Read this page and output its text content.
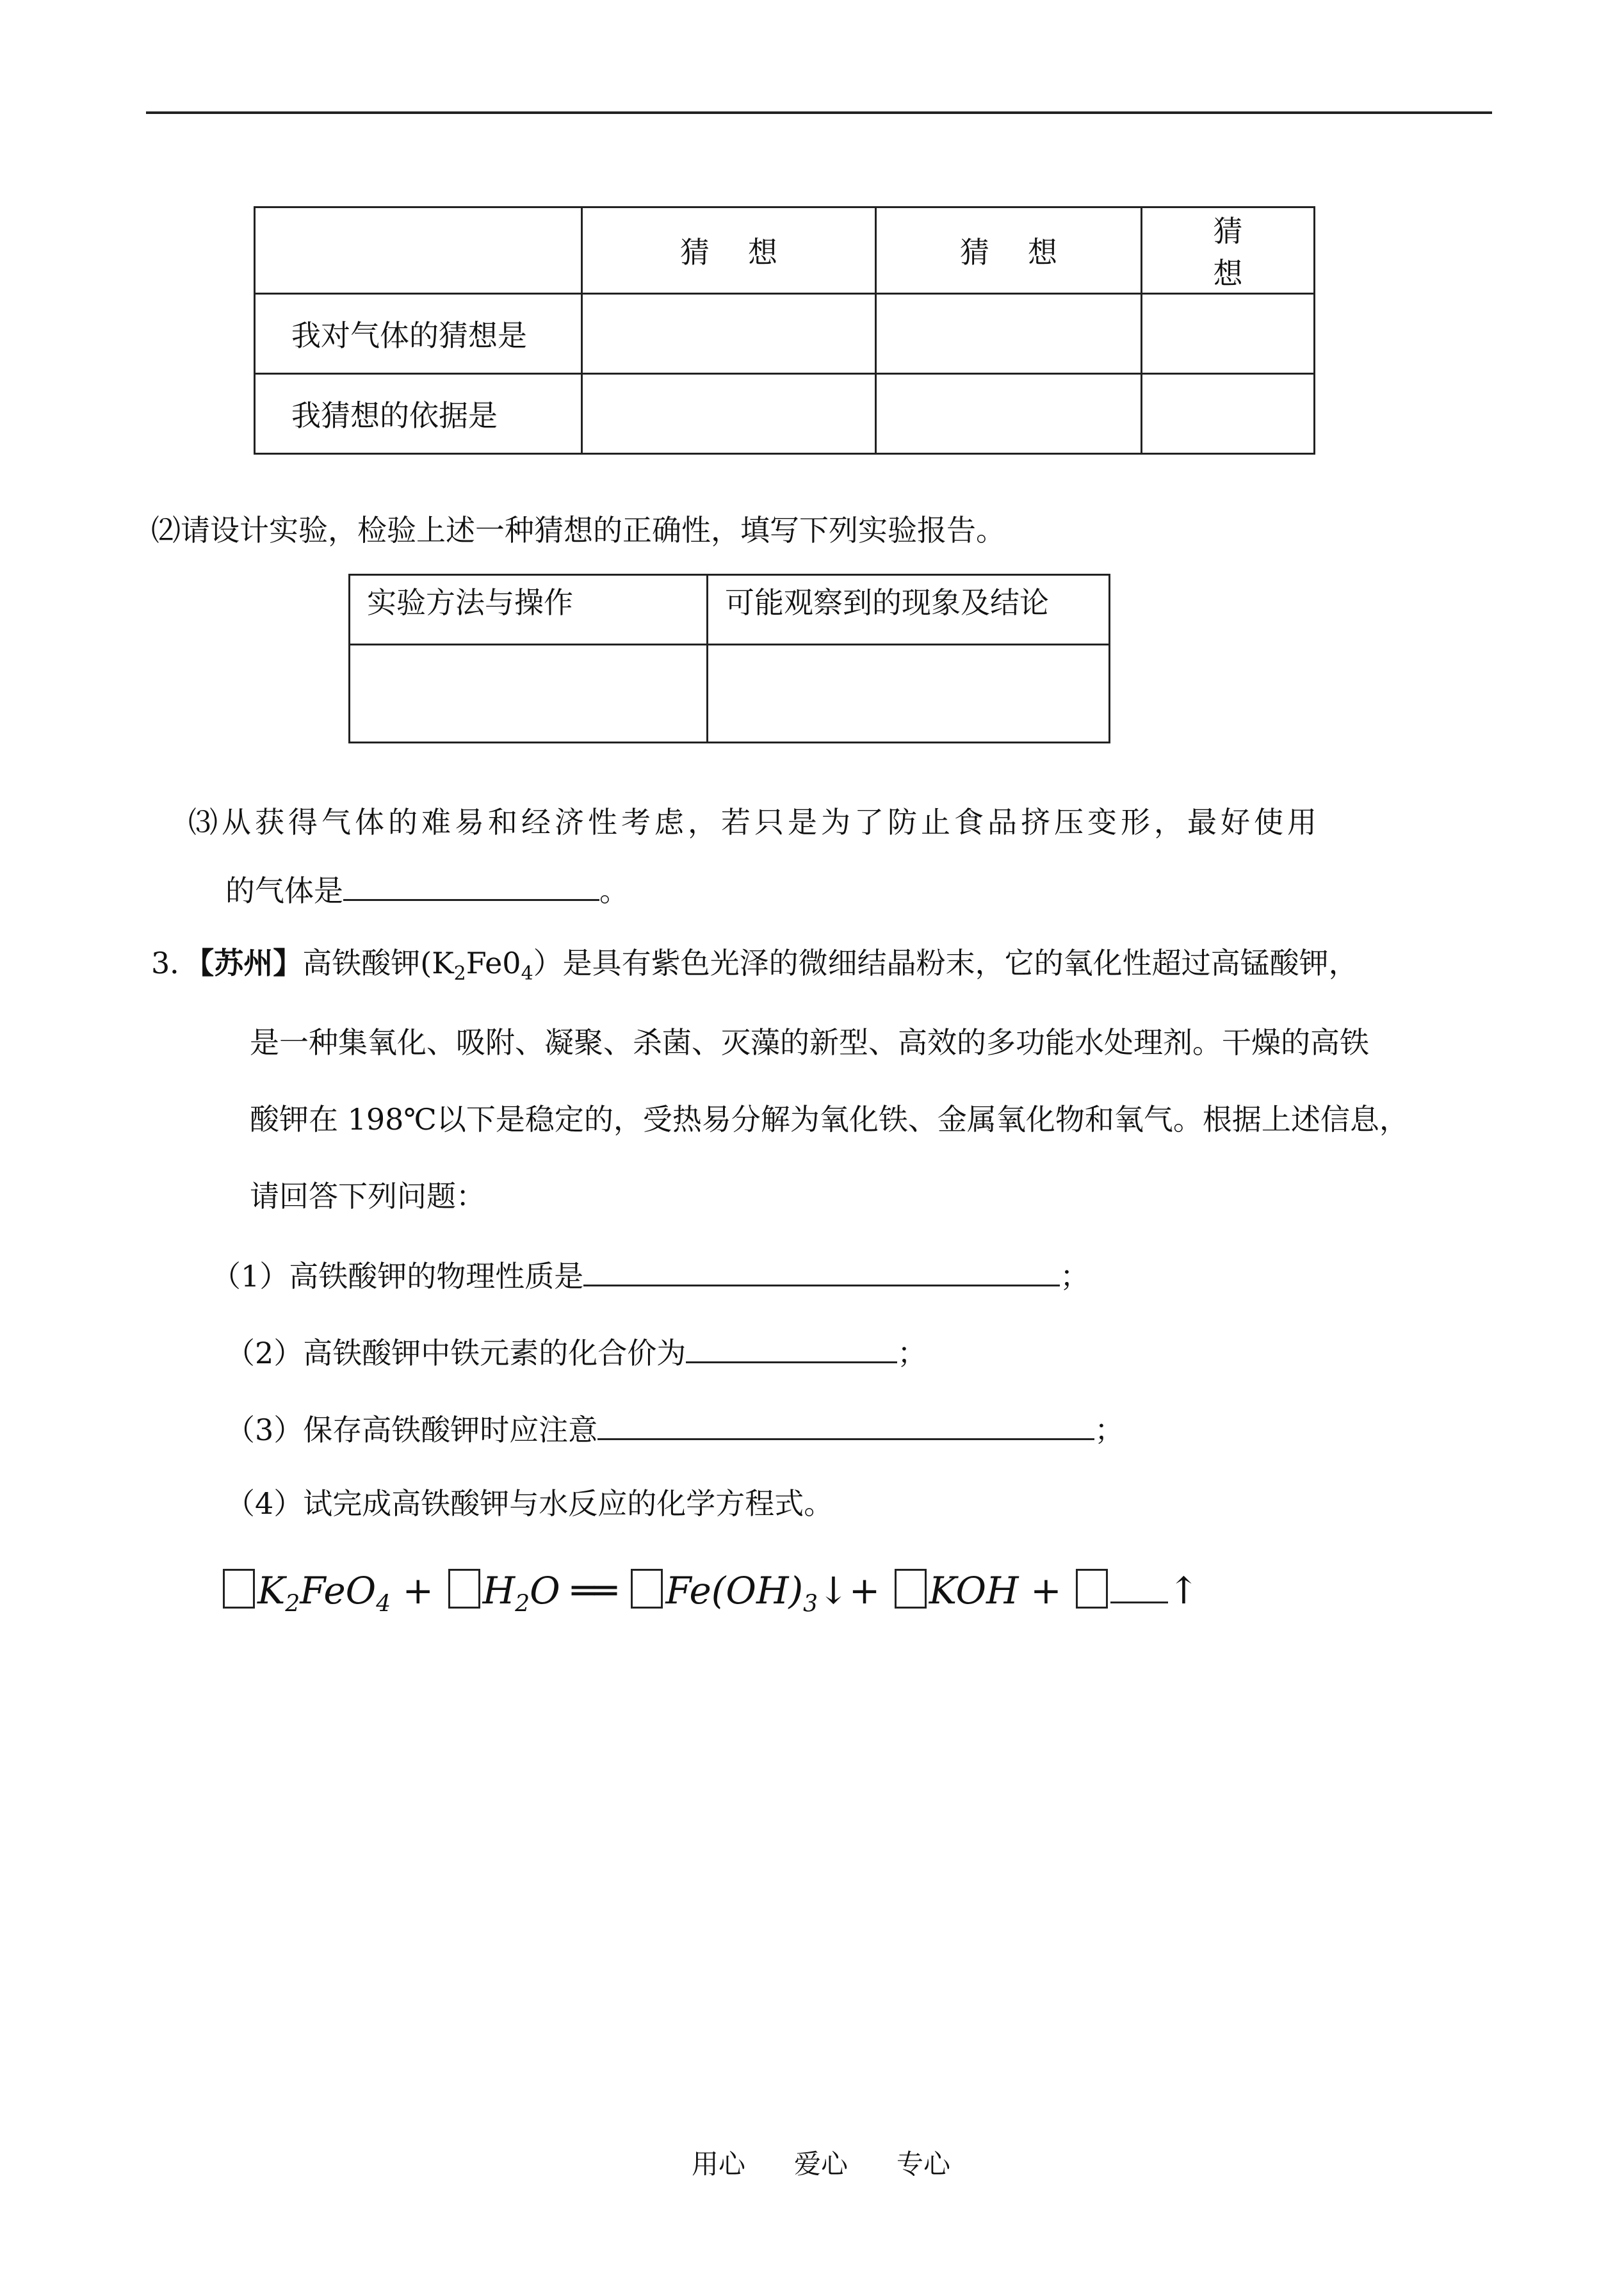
	猜想	猜想	猜想
我对气体的猜想是			
我猜想的依据是			
⑵请设计实验，检验上述一种猜想的正确性，填写下列实验报告。
实验方法与操作	可能观察到的现象及结论

⑶从获得气体的难易和经济性考虑，若只是为了防止食品挤压变形，最好使用
的气体是	。
3．【苏州】高铁酸钾$(K_2Fe0_4)$是具有紫色光泽的微细结晶粉末，它的氧化性超过高锰酸钾，
是一种集氧化、吸附、凝聚、杀菌、灭藻的新型、高效的多功能水处理剂。干燥的高铁
酸钾在 198℃以下是稳定的，受热易分解为氧化铁、金属氧化物和氧气。根据上述信息，
请回答下列问题：
（1）高铁酸钾的物理性质是	；
（2）高铁酸钾中铁元素的化合价为	；
（3）保存高铁酸钾时应注意	；
（4）试完成高铁酸钾与水反应的化学方程式。
$K_2FeO_4 + H_2O$ ══ $Fe(OH)_3↓+$ KOH +	↑
用心 爱心 专心
